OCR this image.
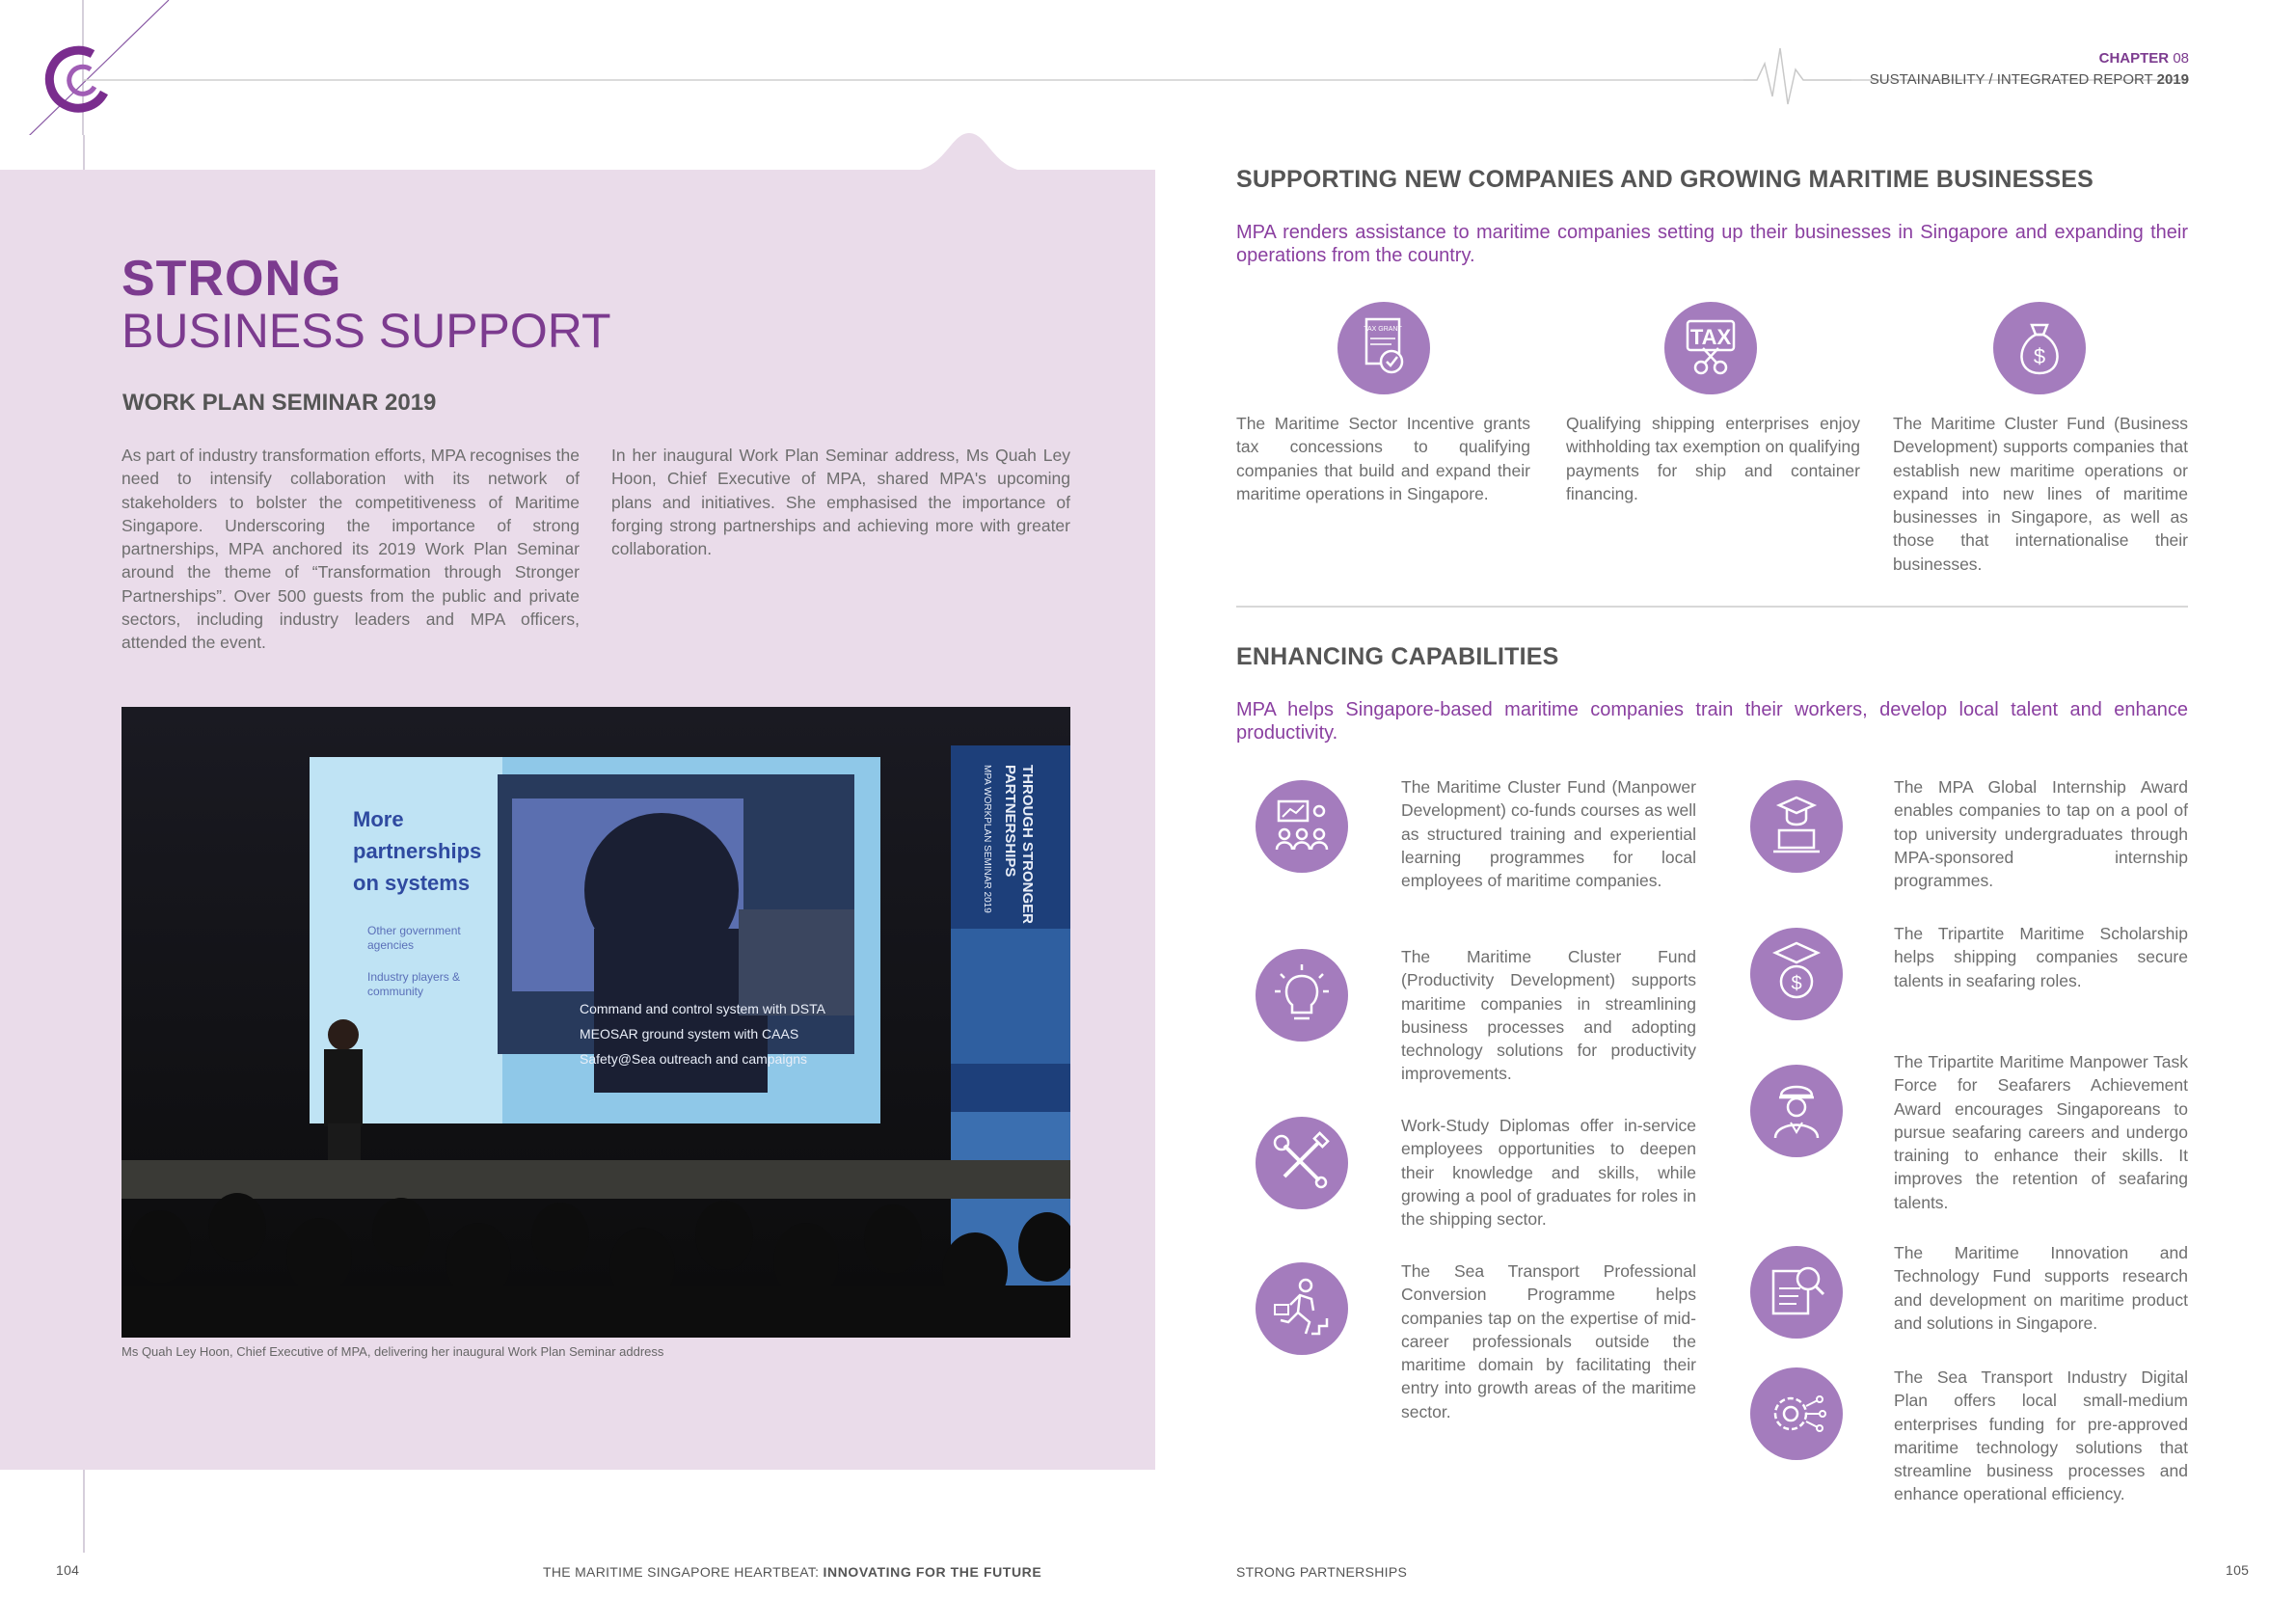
CHAPTER 08
SUSTAINABILITY / INTEGRATED REPORT 2019
STRONG
BUSINESS SUPPORT
WORK PLAN SEMINAR 2019

As part of industry transformation efforts, MPA recognises the need to intensify collaboration with its network of stakeholders to bolster the competitiveness of Maritime Singapore. Underscoring the importance of strong partnerships, MPA anchored its 2019 Work Plan Seminar around the theme of “Transformation through Stronger Partnerships”. Over 500 guests from the public and private sectors, including industry leaders and MPA officers, attended the event.

In her inaugural Work Plan Seminar address, Ms Quah Ley Hoon, Chief Executive of MPA, shared MPA's upcoming plans and initiatives. She emphasised the importance of forging strong partnerships and achieving more with greater collaboration.

More
partnerships
on systems
Other government agencies
Industry players & community
Command and control system with DSTA
MEOSAR ground system with CAAS
Safety@Sea outreach and campaigns
THROUGH STRONGER
PARTNERSHIPS
MPA WORKPLAN SEMINAR 2019
Ms Quah Ley Hoon, Chief Executive of MPA, delivering her inaugural Work Plan Seminar address
SUPPORTING NEW COMPANIES AND GROWING MARITIME BUSINESSES

MPA renders assistance to maritime companies setting up their businesses in Singapore and expanding their operations from the country.

TAX GRANT	TAX
$

The Maritime Sector Incentive grants tax concessions to qualifying companies that build and expand their maritime operations in Singapore.

Qualifying shipping enterprises enjoy withholding tax exemption on qualifying payments for ship and container financing.

The Maritime Cluster Fund (Business Development) supports companies that establish new maritime operations or expand into new lines of maritime businesses in Singapore, as well as those that internationalise their businesses.

ENHANCING CAPABILITIES

MPA helps Singapore-based maritime companies train their workers, develop local talent and enhance productivity.

The Maritime Cluster Fund (Manpower Development) co-funds courses as well as structured training and experiential learning programmes for local employees of maritime companies.

The Maritime Cluster Fund (Productivity Development) supports maritime companies in streamlining business processes and adopting technology solutions for productivity improvements.

Work-Study Diplomas offer in-service employees opportunities to deepen their knowledge and skills, while growing a pool of graduates for roles in the shipping sector.

The Sea Transport Professional Conversion Programme helps companies tap on the expertise of mid-career professionals outside the maritime domain by facilitating their entry into growth areas of the maritime sector.

$

The MPA Global Internship Award enables companies to tap on a pool of top university undergraduates through MPA-sponsored internship programmes.

The Tripartite Maritime Scholarship helps shipping companies secure talents in seafaring roles.

The Tripartite Maritime Manpower Task Force for Seafarers Achievement Award encourages Singaporeans to pursue seafaring careers and undergo training to enhance their skills. It improves the retention of seafaring talents.

The Maritime Innovation and Technology Fund supports research and development on maritime product and solutions in Singapore.

The Sea Transport Industry Digital Plan offers local small-medium enterprises funding for pre-approved maritime technology solutions that streamline business processes and enhance operational efficiency.

104	THE MARITIME SINGAPORE HEARTBEAT: INNOVATING FOR THE FUTURE	STRONG PARTNERSHIPS	105
